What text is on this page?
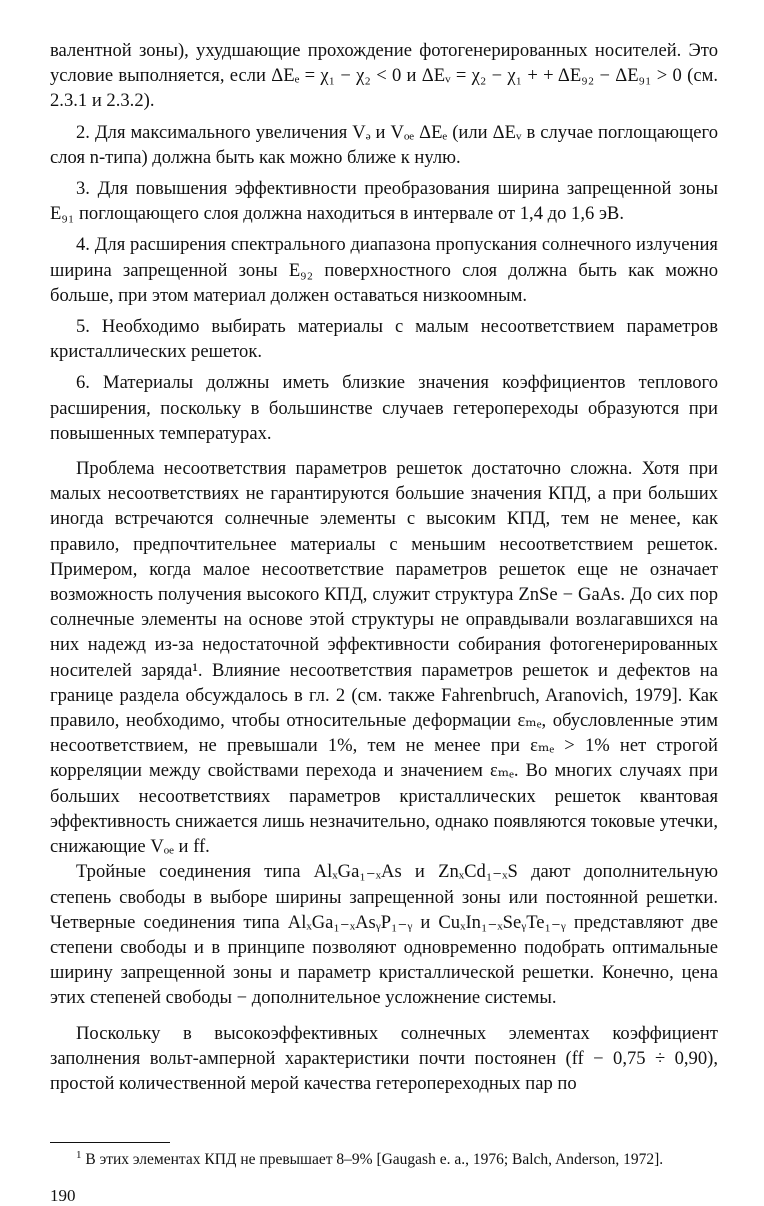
валентной зоны), ухудшающие прохождение фотогенерированных носителей. Это условие выполняется, если ΔEₑ = χ₁ − χ₂ < 0 и ΔEᵥ = χ₂ − χ₁ + + ΔE₉₂ − ΔE₉₁ > 0 (см. 2.3.1 и 2.3.2).

2. Для максимального увеличения Vₔ и Vₒₑ ΔEₑ (или ΔEᵥ в случае поглощающего слоя n-типа) должна быть как можно ближе к нулю.

3. Для повышения эффективности преобразования ширина запрещенной зоны E₉₁ поглощающего слоя должна находиться в интервале от 1,4 до 1,6 эВ.

4. Для расширения спектрального диапазона пропускания солнечного излучения ширина запрещенной зоны E₉₂ поверхностного слоя должна быть как можно больше, при этом материал должен оставаться низкоомным.

5. Необходимо выбирать материалы с малым несоответствием параметров кристаллических решеток.

6. Материалы должны иметь близкие значения коэффициентов теплового расширения, поскольку в большинстве случаев гетеропереходы образуются при повышенных температурах.

Проблема несоответствия параметров решеток достаточно сложна. Хотя при малых несоответствиях не гарантируются большие значения КПД, а при больших иногда встречаются солнечные элементы с высоким КПД, тем не менее, как правило, предпочтительнее материалы с меньшим несоответствием решеток. Примером, когда малое несоответствие параметров решеток еще не означает возможность получения высокого КПД, служит структура ZnSe − GaAs. До сих пор солнечные элементы на основе этой структуры не оправдывали возлагавшихся на них надежд из-за недостаточной эффективности собирания фотогенерированных носителей заряда¹. Влияние несоответствия параметров решеток и дефектов на границе раздела обсуждалось в гл. 2 (см. также Fahrenbruch, Aranovich, 1979]. Как правило, необходимо, чтобы относительные деформации εₘₑ, обусловленные этим несоответствием, не превышали 1%, тем не менее при εₘₑ > 1% нет строгой корреляции между свойствами перехода и значением εₘₑ. Во многих случаях при больших несоответствиях параметров кристаллических решеток квантовая эффективность снижается лишь незначительно, однако появляются токовые утечки, снижающие Vₒₑ и ff.

Тройные соединения типа AlₓGa₁₋ₓAs и ZnₓCd₁₋ₓS дают дополнительную степень свободы в выборе ширины запрещенной зоны или постоянной решетки. Четверные соединения типа AlₓGa₁₋ₓAsᵧP₁₋ᵧ и CuₓIn₁₋ₓSeᵧTe₁₋ᵧ представляют две степени свободы и в принципе позволяют одновременно подобрать оптимальные ширину запрещенной зоны и параметр кристаллической решетки. Конечно, цена этих степеней свободы − дополнительное усложнение системы.

Поскольку в высокоэффективных солнечных элементах коэффициент заполнения вольт-амперной характеристики почти постоянен (ff − 0,75 ÷ 0,90), простой количественной мерой качества гетеропереходных пар по

$^1$ В этих элементах КПД не превышает 8–9% [Gaugash e. a., 1976; Balch, Anderson, 1972].

190
